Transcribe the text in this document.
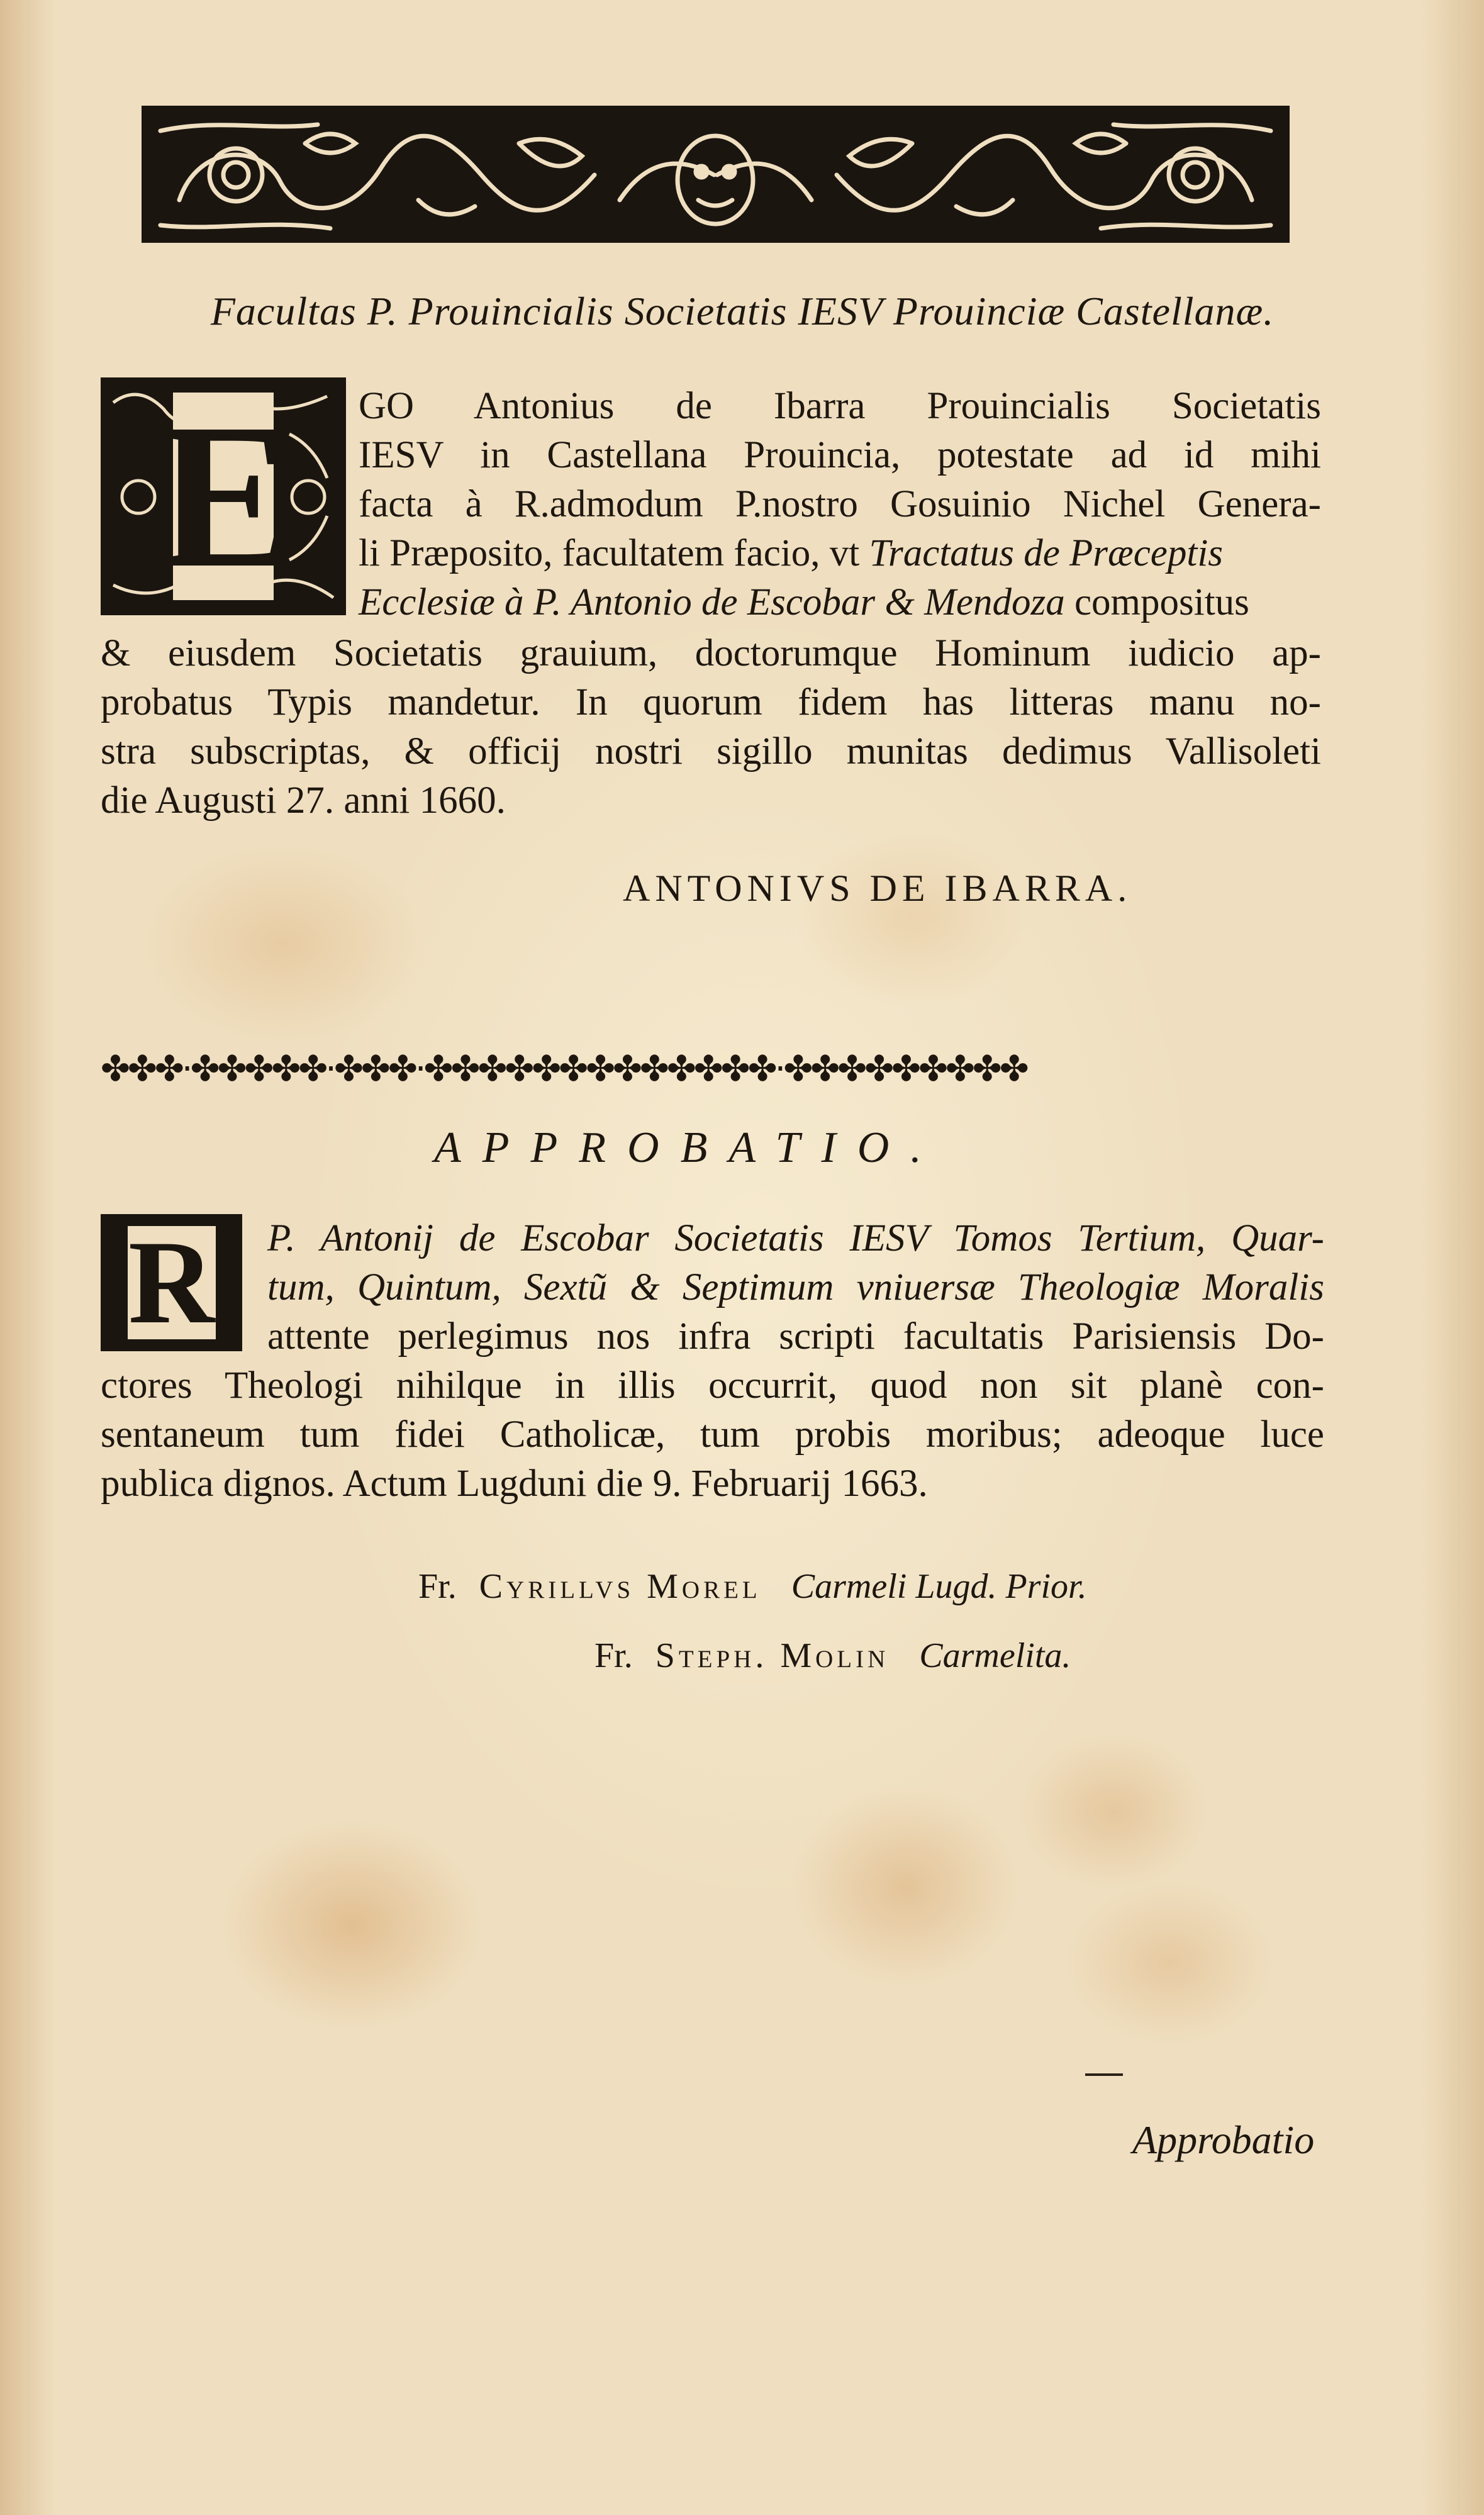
Facultas P. Prouincialis Societatis IESV Prouinciæ Castellanæ.
E GO Antonius de Ibarra Prouincialis Societatis
IESV in Castellana Prouincia, potestate ad id mihi
facta à R.admodum P.nostro Gosuinio Nichel Genera-
li Præposito, facultatem facio, vt Tractatus de Præceptis
Ecclesiæ à P. Antonio de Escobar & Mendoza compositus
& eiusdem Societatis grauium, doctorumque Hominum iudicio ap-
probatus Typis mandetur. In quorum fidem has litteras manu no-
stra subscriptas, & officij nostri sigillo munitas dedimus Vallisoleti
die Augusti 27. anni 1660.
ANTONIVS DE IBARRA.
✤✤✤·✤✤✤✤✤·✤✤✤·✤✤✤✤✤✤✤✤✤✤✤✤✤·✤✤✤✤✤✤✤✤✤
APPROBATIO.
R P. Antonij de Escobar Societatis IESV Tomos Tertium, Quar-
tum, Quintum, Sextũ & Septimum vniuersæ Theologiæ Moralis
attente perlegimus nos infra scripti facultatis Parisiensis Do-
ctores Theologi nihilque in illis occurrit, quod non sit planè con-
sentaneum tum fidei Catholicæ, tum probis moribus; adeoque luce
publica dignos. Actum Lugduni die 9. Februarij 1663.
Fr. Cyrillvs Morel Carmeli Lugd. Prior.
Fr. Steph. Molin Carmelita.
Approbatio
